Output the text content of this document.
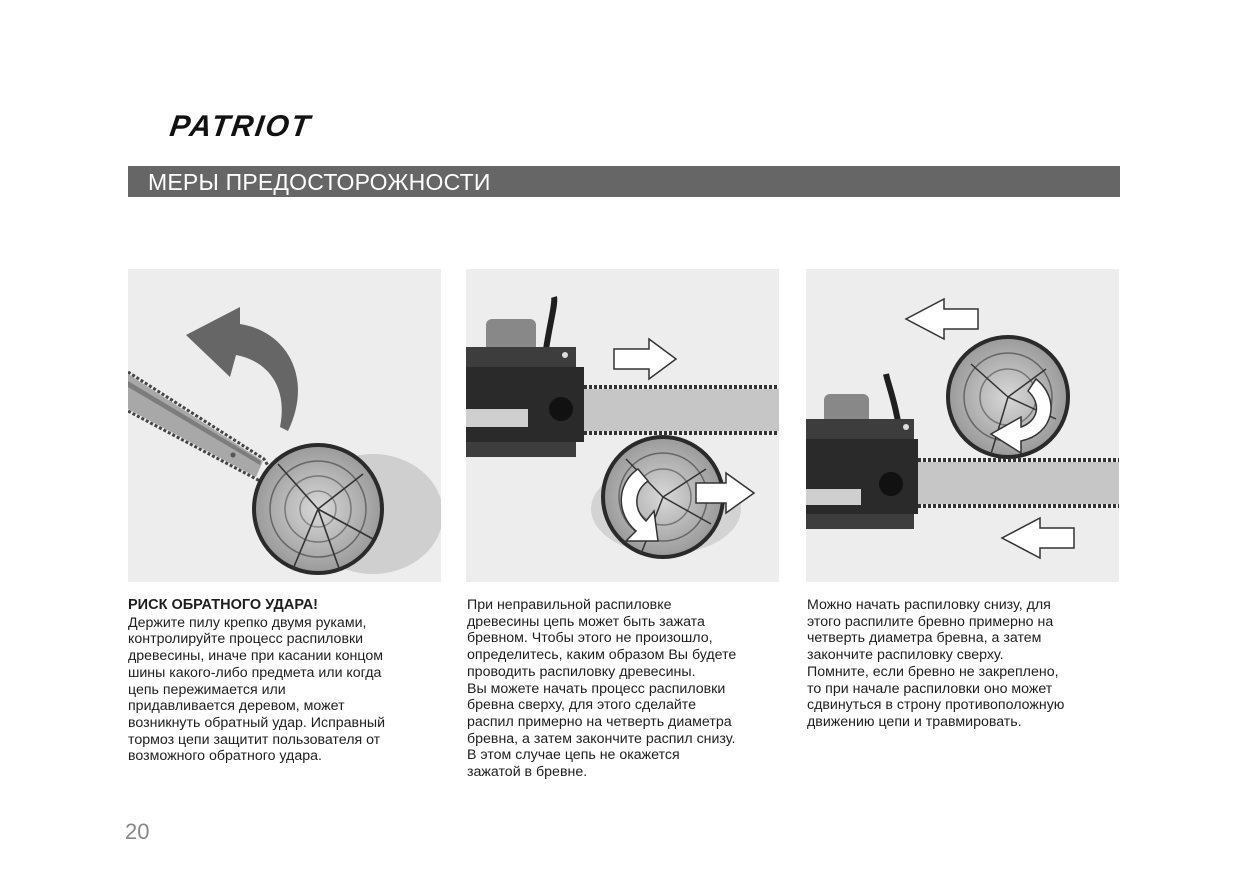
PATRIOT
МЕРЫ ПРЕДОСТОРОЖНОСТИ
РИСК ОБРАТНОГО УДАРА!
Держите пилу крепко двумя руками,
контролируйте процесс распиловки
древесины, иначе при касании концом
шины какого-либо предмета или когда
цепь пережимается или
придавливается деревом, может
возникнуть обратный удар. Исправный
тормоз цепи защитит пользователя от
возможного обратного удара.
При неправильной распиловке
древесины цепь может быть зажата
бревном. Чтобы этого не произошло,
определитесь, каким образом Вы будете
проводить распиловку древесины.
Вы можете начать процесс распиловки
бревна сверху, для этого сделайте
распил примерно на четверть диаметра
бревна, а затем закончите распил снизу.
В этом случае цепь не окажется
зажатой в бревне.
Можно начать распиловку снизу, для
этого распилите бревно примерно на
четверть диаметра бревна, а затем
закончите распиловку сверху.
Помните, если бревно не закреплено,
то при начале распиловки оно может
сдвинуться в строну противоположную
движению цепи и травмировать.
20
